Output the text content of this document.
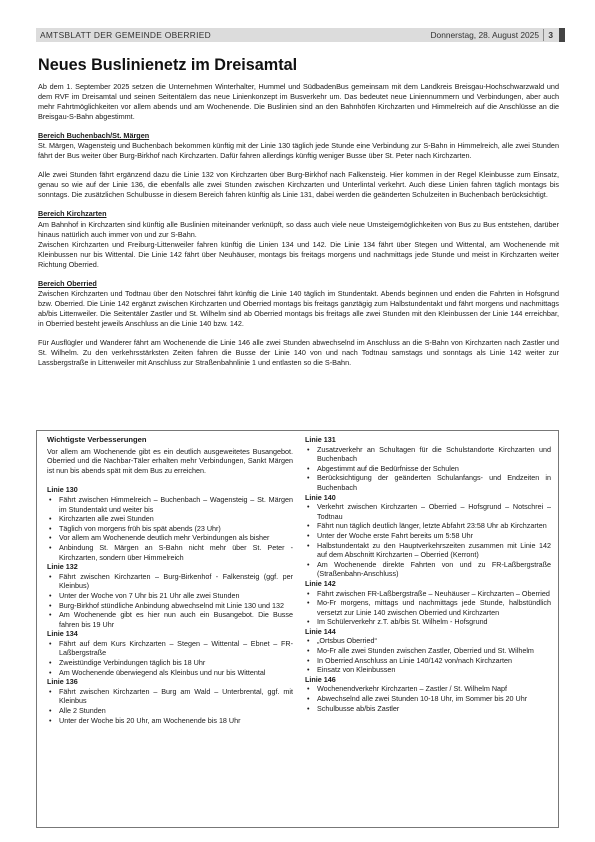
AMTSBLATT DER GEMEINDE OBERRIED	Donnerstag, 28. August 2025 3
Neues Buslinienetz im Dreisamtal

Ab dem 1. September 2025 setzen die Unternehmen Winterhalter, Hummel und SüdbadenBus gemeinsam mit dem Landkreis Breisgau-Hochschwarzwald und dem RVF im Dreisamtal und seinen Seitentälern das neue Linienkonzept im Busverkehr um. Das bedeutet neue Liniennummern und Verbindungen, aber auch mehr Fahrtmöglichkeiten vor allem abends und am Wochenende. Die Buslinien sind an den Bahnhöfen Kirchzarten und Himmelreich auf die Anschlüsse an die Breisgau-S-Bahn abgestimmt.

Bereich Buchenbach/St. Märgen

St. Märgen, Wagensteig und Buchenbach bekommen künftig mit der Linie 130 täglich jede Stunde eine Verbindung zur S-Bahn in Himmelreich, alle zwei Stunden fährt der Bus weiter über Burg-Birkhof nach Kirchzarten. Dafür fahren allerdings künftig weniger Busse über St. Peter nach Kirchzarten.

Alle zwei Stunden fährt ergänzend dazu die Linie 132 von Kirchzarten über Burg-Birkhof nach Falkensteig. Hier kommen in der Regel Kleinbusse zum Einsatz, genau so wie auf der Linie 136, die ebenfalls alle zwei Stunden zwischen Kirchzarten und Unterlintal verkehrt. Auch diese Linien fahren täglich montags bis sonntags. Die zusätzlichen Schulbusse in diesem Bereich fahren künftig als Linie 131, dabei werden die geänderten Schulzeiten in Buchenbach berücksichtigt.

Bereich Kirchzarten

Am Bahnhof in Kirchzarten sind künftig alle Buslinien miteinander verknüpft, so dass auch viele neue Umsteigemöglichkeiten von Bus zu Bus entstehen, darüber hinaus natürlich auch immer von und zur S-Bahn.
Zwischen Kirchzarten und Freiburg-Littenweiler fahren künftig die Linien 134 und 142. Die Linie 134 fährt über Stegen und Wittental, am Wochenende mit Kleinbussen nur bis Wittental. Die Linie 142 fährt über Neuhäuser, montags bis freitags morgens und nachmittags jede Stunde und meist in Kirchzarten weiter Richtung Oberried.

Bereich Oberried

Zwischen Kirchzarten und Todtnau über den Notschrei fährt künftig die Linie 140 täglich im Stundentakt. Abends beginnen und enden die Fahrten in Hofsgrund bzw. Oberried. Die Linie 142 ergänzt zwischen Kirchzarten und Oberried montags bis freitags ganztägig zum Halbstundentakt und fährt morgens und nachmittags ab/bis Littenweiler. Die Seitentäler Zastler und St. Wilhelm sind ab Oberried montags bis freitags alle zwei Stunden mit den Kleinbussen der Linie 144 erreichbar, in Oberried besteht jeweils Anschluss an die Linie 140 bzw. 142.

Für Ausflügler und Wanderer fährt am Wochenende die Linie 146 alle zwei Stunden abwechselnd im Anschluss an die S-Bahn von Kirchzarten nach Zastler und St. Wilhelm. Zu den verkehrsstärksten Zeiten fahren die Busse der Linie 140 von und nach Todtnau samstags und sonntags als Linie 142 weiter zur Lassbergstraße in Littenweiler mit Anschluss zur Straßenbahnlinie 1 und entlasten so die S-Bahn.

Wichtigste Verbesserungen

Vor allem am Wochenende gibt es ein deutlich ausgeweitetes Busangebot. Oberried und die Nachbar-Täler erhalten mehr Verbindungen, Sankt Märgen ist nun bis abends spät mit dem Bus zu erreichen.

Linie 130

• Fährt zwischen Himmelreich – Buchenbach – Wagensteig – St. Märgen im Stundentakt und weiter bis
• Kirchzarten alle zwei Stunden
• Täglich von morgens früh bis spät abends (23 Uhr)
• Vor allem am Wochenende deutlich mehr Verbindungen als bisher
• Anbindung St. Märgen an S-Bahn nicht mehr über St. Peter - Kirchzarten, sondern über Himmelreich

Linie 132

• Fährt zwischen Kirchzarten – Burg-Birkenhof - Falkensteig (ggf. per Kleinbus)
• Unter der Woche von 7 Uhr bis 21 Uhr alle zwei Stunden
• Burg-Birkhof stündliche Anbindung abwechselnd mit Linie 130 und 132
• Am Wochenende gibt es hier nun auch ein Busangebot. Die Busse fahren bis 19 Uhr

Linie 134

• Fährt auf dem Kurs Kirchzarten – Stegen – Wittental – Ebnet – FR-Laßbergstraße
• Zweistündige Verbindungen täglich bis 18 Uhr
• Am Wochenende überwiegend als Kleinbus und nur bis Wittental

Linie 136

• Fährt zwischen Kirchzarten – Burg am Wald – Unterbrental, ggf. mit Kleinbus
• Alle 2 Stunden
• Unter der Woche bis 20 Uhr, am Wochenende bis 18 Uhr

Linie 131

• Zusatzverkehr an Schultagen für die Schulstandorte Kirchzarten und Buchenbach
• Abgestimmt auf die Bedürfnisse der Schulen
• Berücksichtigung der geänderten Schulanfangs- und Endzeiten in Buchenbach

Linie 140

• Verkehrt zwischen Kirchzarten – Oberried – Hofsgrund – Notschrei – Todtnau
• Fährt nun täglich deutlich länger, letzte Abfahrt 23:58 Uhr ab Kirchzarten
• Unter der Woche erste Fahrt bereits um 5:58 Uhr
• Halbstundentakt zu den Hauptverkehrszeiten zusammen mit Linie 142 auf dem Abschnitt Kirchzarten – Oberried (Kerront)
• Am Wochenende direkte Fahrten von und zu FR-Laßbergstraße (Straßenbahn-Anschluss)

Linie 142

• Fährt zwischen FR-Laßbergstraße – Neuhäuser – Kirchzarten – Oberried
• Mo-Fr morgens, mittags und nachmittags jede Stunde, halbstündlich versetzt zur Linie 140 zwischen Oberried und Kirchzarten
• Im Schülerverkehr z.T. ab/bis St. Wilhelm - Hofsgrund

Linie 144

• „Ortsbus Oberried“
• Mo-Fr alle zwei Stunden zwischen Zastler, Oberried und St. Wilhelm
• In Oberried Anschluss an Linie 140/142 von/nach Kirchzarten
• Einsatz von Kleinbussen

Linie 146

• Wochenendverkehr Kirchzarten – Zastler / St. Wilhelm Napf
• Abwechselnd alle zwei Stunden 10-18 Uhr, im Sommer bis 20 Uhr
• Schulbusse ab/bis Zastler
